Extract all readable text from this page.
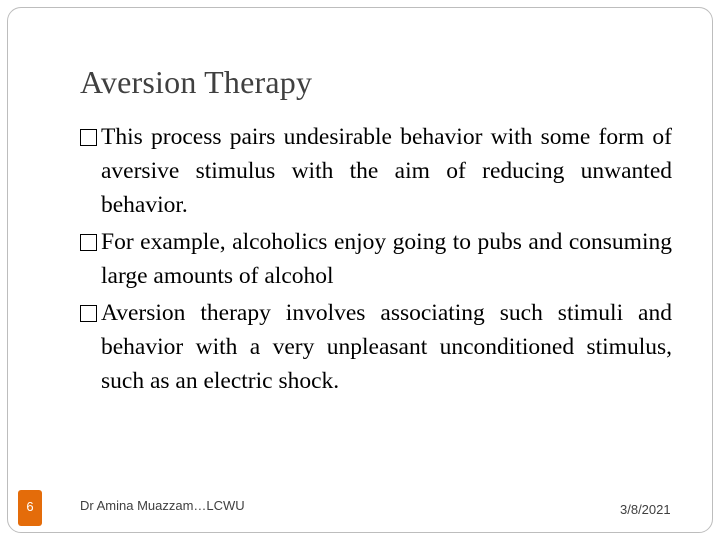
Aversion Therapy
This process pairs undesirable behavior with some form of aversive stimulus with the aim of reducing unwanted behavior.
For example, alcoholics enjoy going to pubs and consuming large amounts of alcohol
Aversion therapy involves associating such stimuli and behavior with a very unpleasant unconditioned stimulus, such as an electric shock.
6	Dr Amina Muazzam…LCWU	3/8/2021
